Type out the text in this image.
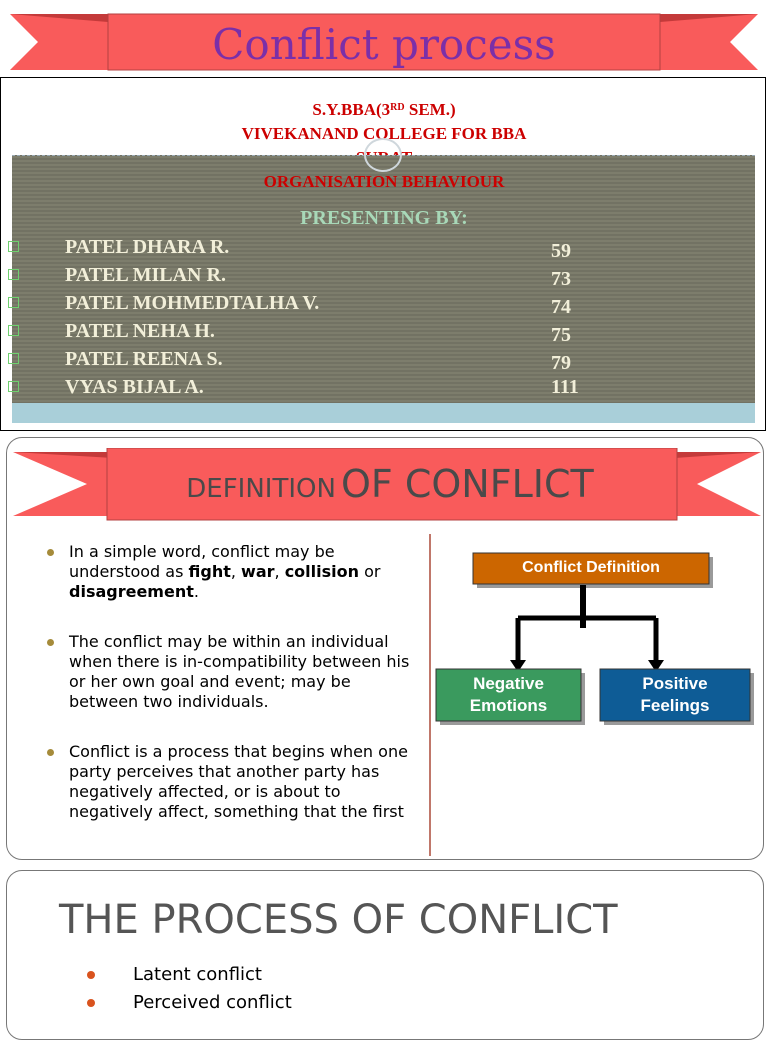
Conflict process
S.Y.BBA(3RD SEM.)
VIVEKANAND COLLEGE FOR BBA
ORGANISATION BEHAVIOUR
PRESENTING BY:
PATEL DHARA R.	59
PATEL MILAN R.	73
PATEL MOHMEDTALHA V.	74
PATEL NEHA H.	75
PATEL REENA S.	79
VYAS BIJAL A.	111
DEFINITION OF CONFLICT
In a simple word, conflict may be understood as fight, war, collision or disagreement.
The conflict may be within an individual when there is in-compatibility between his or her own goal and event; may be between two individuals.
Conflict is a process that begins when one party perceives that another party has negatively affected, or is about to negatively affect, something that the first
Conflict Definition
Negative
Emotions
Positive
Feelings
THE PROCESS OF CONFLICT
Latent conflict
Perceived conflict
